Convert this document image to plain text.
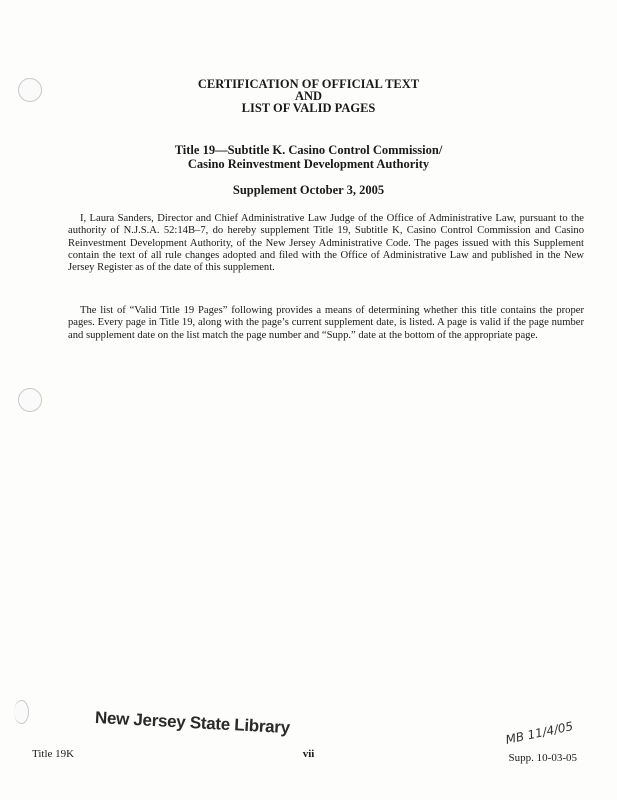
CERTIFICATION OF OFFICIAL TEXT
AND
LIST OF VALID PAGES
Title 19—Subtitle K. Casino Control Commission/
Casino Reinvestment Development Authority
Supplement October 3, 2005

I, Laura Sanders, Director and Chief Administrative Law Judge of the Office of Administrative Law, pursuant to the authority of N.J.S.A. 52:14B–7, do hereby supplement Title 19, Subtitle K, Casino Control Commission and Casino Reinvestment Development Authority, of the New Jersey Administrative Code. The pages issued with this Supplement contain the text of all rule changes adopted and filed with the Office of Administrative Law and published in the New Jersey Register as of the date of this supplement.

The list of “Valid Title 19 Pages” following provides a means of determining whether this title contains the proper pages. Every page in Title 19, along with the page’s current supplement date, is listed. A page is valid if the page number and supplement date on the list match the page number and “Supp.” date at the bottom of the appropriate page.

New Jersey State Library	MB 11/4/05
Title 19K	vii	Supp. 10-03-05
